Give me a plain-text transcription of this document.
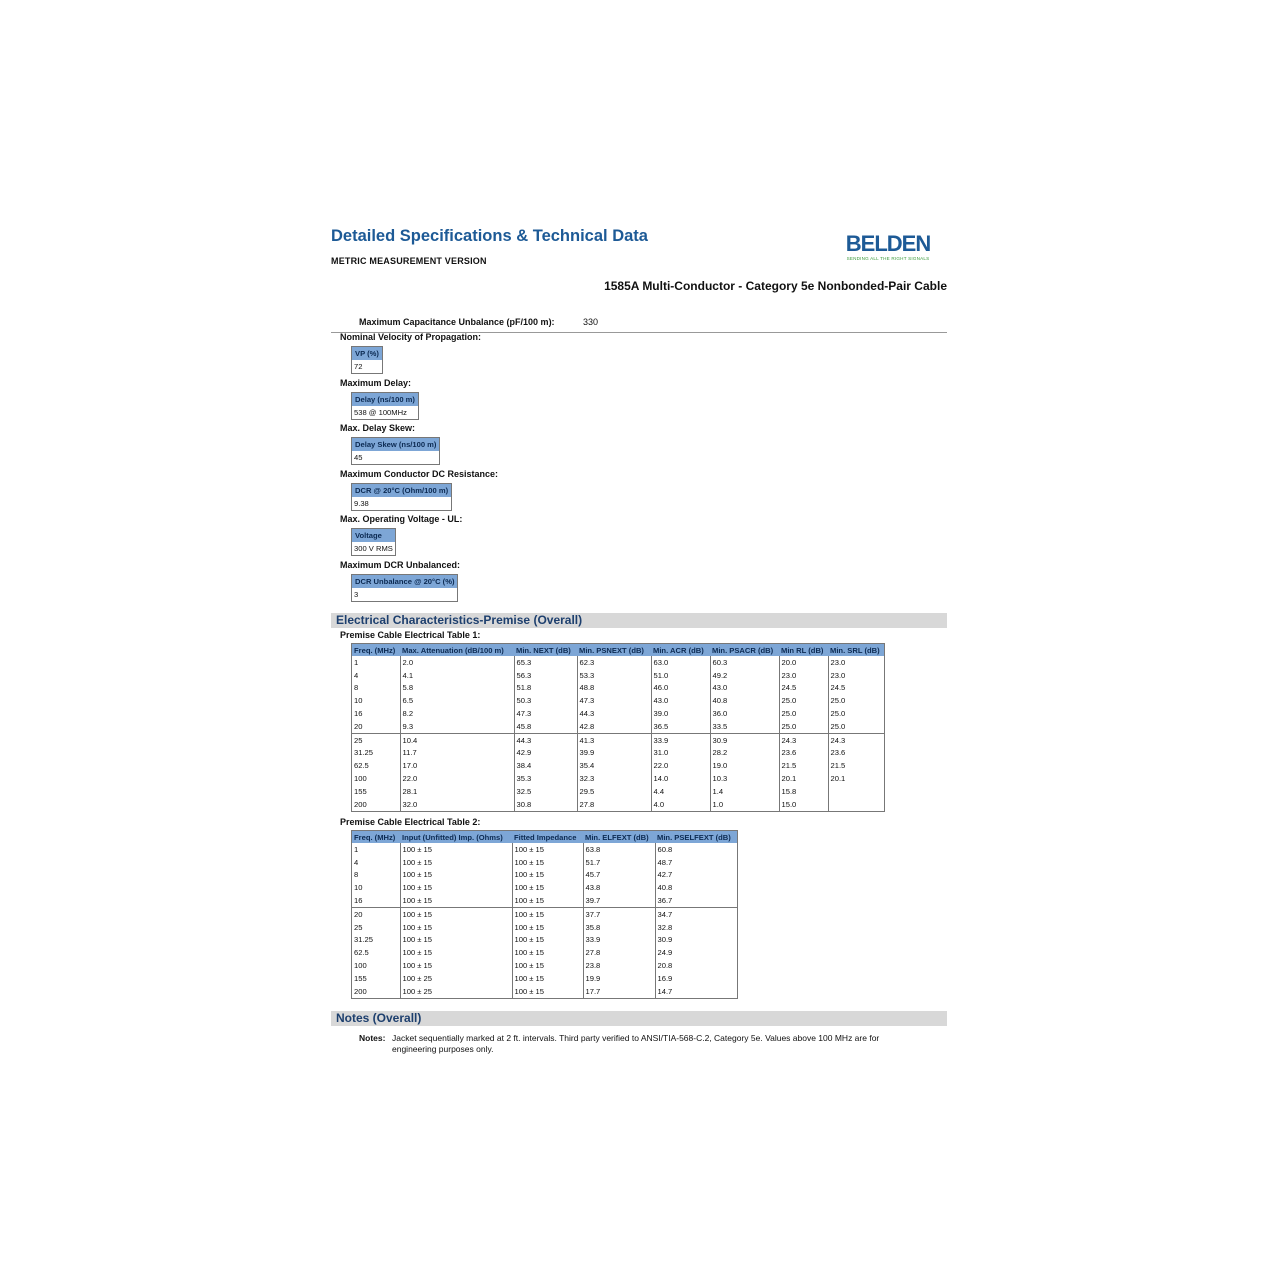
Detailed Specifications & Technical Data
METRIC MEASUREMENT VERSION
BELDEN
SENDING ALL THE RIGHT SIGNALS
1585A Multi-Conductor - Category 5e Nonbonded-Pair Cable
Maximum Capacitance Unbalance (pF/100 m):	330
Nominal Velocity of Propagation:
VP (%)
72
Maximum Delay:
Delay (ns/100 m)
538 @ 100MHz
Max. Delay Skew:
Delay Skew (ns/100 m)
45
Maximum Conductor DC Resistance:
DCR @ 20°C (Ohm/100 m)
9.38
Max. Operating Voltage - UL:
Voltage
300 V RMS
Maximum DCR Unbalanced:
DCR Unbalance @ 20°C (%)
3
Electrical Characteristics-Premise (Overall)
Premise Cable Electrical Table 1:
Freq. (MHz)	Max. Attenuation (dB/100 m)	Min. NEXT (dB)	Min. PSNEXT (dB)	Min. ACR (dB)	Min. PSACR (dB)	Min RL (dB)	Min. SRL (dB)
1	2.0	65.3	62.3	63.0	60.3	20.0	23.0
4	4.1	56.3	53.3	51.0	49.2	23.0	23.0
8	5.8	51.8	48.8	46.0	43.0	24.5	24.5
10	6.5	50.3	47.3	43.0	40.8	25.0	25.0
16	8.2	47.3	44.3	39.0	36.0	25.0	25.0
20	9.3	45.8	42.8	36.5	33.5	25.0	25.0
25	10.4	44.3	41.3	33.9	30.9	24.3	24.3
31.25	11.7	42.9	39.9	31.0	28.2	23.6	23.6
62.5	17.0	38.4	35.4	22.0	19.0	21.5	21.5
100	22.0	35.3	32.3	14.0	10.3	20.1	20.1
155	28.1	32.5	29.5	4.4	1.4	15.8	
200	32.0	30.8	27.8	4.0	1.0	15.0	
Premise Cable Electrical Table 2:
Freq. (MHz)	Input (Unfitted) Imp. (Ohms)	Fitted Impedance	Min. ELFEXT (dB)	Min. PSELFEXT (dB)
1	100 ± 15	100 ± 15	63.8	60.8
4	100 ± 15	100 ± 15	51.7	48.7
8	100 ± 15	100 ± 15	45.7	42.7
10	100 ± 15	100 ± 15	43.8	40.8
16	100 ± 15	100 ± 15	39.7	36.7
20	100 ± 15	100 ± 15	37.7	34.7
25	100 ± 15	100 ± 15	35.8	32.8
31.25	100 ± 15	100 ± 15	33.9	30.9
62.5	100 ± 15	100 ± 15	27.8	24.9
100	100 ± 15	100 ± 15	23.8	20.8
155	100 ± 25	100 ± 15	19.9	16.9
200	100 ± 25	100 ± 15	17.7	14.7
Notes (Overall)
Notes: Jacket sequentially marked at 2 ft. intervals. Third party verified to ANSI/TIA-568-C.2, Category 5e. Values above 100 MHz are for engineering purposes only.
